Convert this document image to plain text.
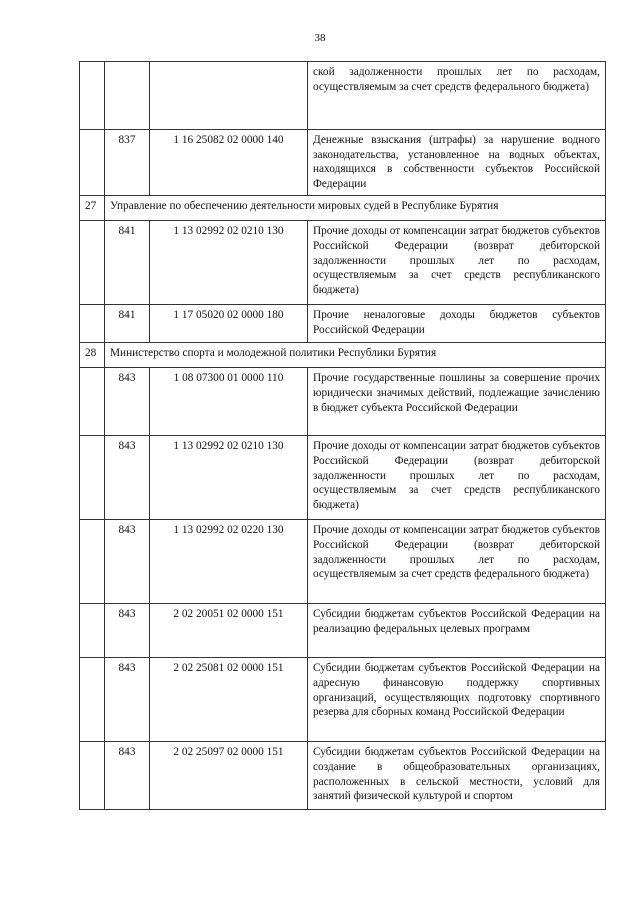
38
			ской задолженности прошлых лет по расходам, осуществляемым за счет средств федерального бюджета)
	837	1 16 25082 02 0000 140	Денежные взыскания (штрафы) за нарушение водного законодательства, установленное на водных объектах, находящихся в собственности субъектов Российской Федерации
27	Управление по обеспечению деятельности мировых судей в Республике Бурятия		
	841	1 13 02992 02 0210 130	Прочие доходы от компенсации затрат бюджетов субъектов Российской Федерации (возврат дебиторской задолженности прошлых лет по расходам, осуществляемым за счет средств республиканского бюджета)
	841	1 17 05020 02 0000 180	Прочие неналоговые доходы бюджетов субъектов Российской Федерации
28	Министерство спорта и молодежной политики Республики Бурятия		
	843	1 08 07300 01 0000 110	Прочие государственные пошлины за совершение прочих юридически значимых действий, подлежащие зачислению в бюджет субъекта Российской Федерации
	843	1 13 02992 02 0210 130	Прочие доходы от компенсации затрат бюджетов субъектов Российской Федерации (возврат дебиторской задолженности прошлых лет по расходам, осуществляемым за счет средств республиканского бюджета)
	843	1 13 02992 02 0220 130	Прочие доходы от компенсации затрат бюджетов субъектов Российской Федерации (возврат дебиторской задолженности прошлых лет по расходам, осуществляемым за счет средств федерального бюджета)
	843	2 02 20051 02 0000 151	Субсидии бюджетам субъектов Российской Федерации на реализацию федеральных целевых программ
	843	2 02 25081 02 0000 151	Субсидии бюджетам субъектов Российской Федерации на адресную финансовую поддержку спортивных организаций, осуществляющих подготовку спортивного резерва для сборных команд Российской Федерации
	843	2 02 25097 02 0000 151	Субсидии бюджетам субъектов Российской Федерации на создание в общеобразовательных организациях, расположенных в сельской местности, условий для занятий физической культурой и спортом
